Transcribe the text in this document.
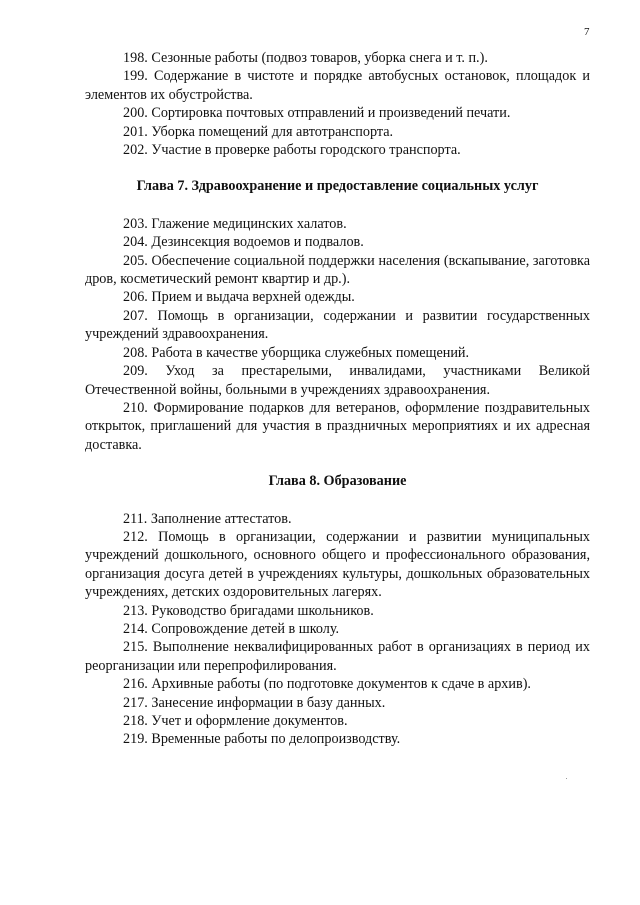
7

198. Сезонные работы (подвоз товаров, уборка снега и т. п.).

199. Содержание в чистоте и порядке автобусных остановок, площадок и элементов их обустройства.

200. Сортировка почтовых отправлений и произведений печати.

201. Уборка помещений для автотранспорта.

202. Участие в проверке работы городского транспорта.

Глава 7. Здравоохранение и предоставление социальных услуг

203. Глажение медицинских халатов.

204. Дезинсекция водоемов и подвалов.

205. Обеспечение социальной поддержки населения (вскапывание, заготовка дров, косметический ремонт квартир и др.).

206. Прием и выдача верхней одежды.

207. Помощь в организации, содержании и развитии государственных учреждений здравоохранения.

208. Работа в качестве уборщика служебных помещений.

209. Уход за престарелыми, инвалидами, участниками Великой Отечественной войны, больными в учреждениях здравоохранения.

210. Формирование подарков для ветеранов, оформление поздравительных открыток, приглашений для участия в праздничных мероприятиях и их адресная доставка.

Глава 8. Образование

211. Заполнение аттестатов.

212. Помощь в организации, содержании и развитии муниципальных учреждений дошкольного, основного общего и профессионального образования, организация досуга детей в учреждениях культуры, дошкольных образовательных учреждениях, детских оздоровительных лагерях.

213. Руководство бригадами школьников.

214. Сопровождение детей в школу.

215. Выполнение неквалифицированных работ в организациях в период их реорганизации или перепрофилирования.

216. Архивные работы (по подготовке документов к сдаче в архив).

217. Занесение информации в базу данных.

218. Учет и оформление документов.

219. Временные работы по делопроизводству.
